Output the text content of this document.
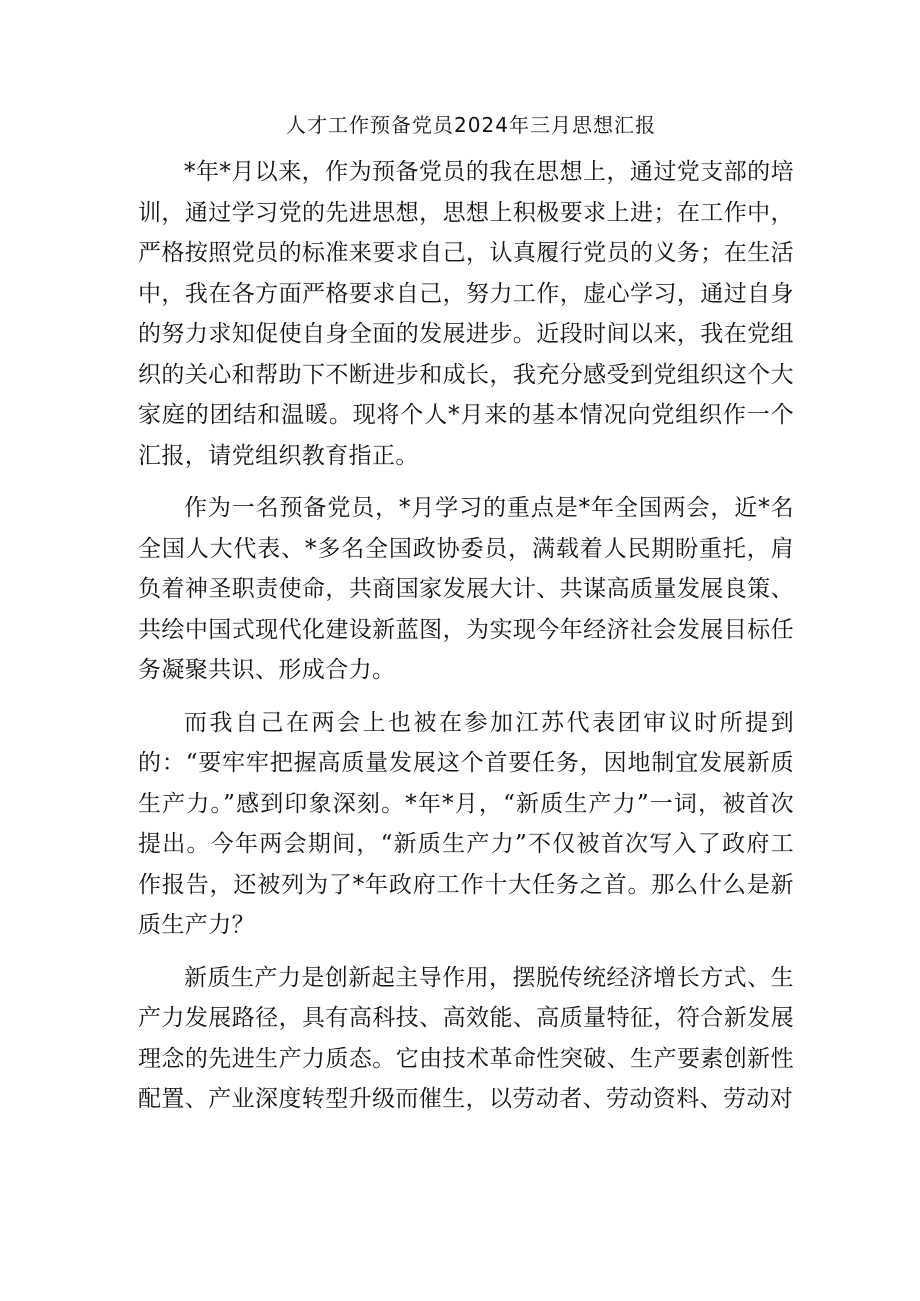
人才工作预备党员2024年三月思想汇报

*年*月以来，作为预备党员的我在思想上，通过党支部的培训，通过学习党的先进思想，思想上积极要求上进；在工作中，严格按照党员的标准来要求自己，认真履行党员的义务；在生活中，我在各方面严格要求自己，努力工作，虚心学习，通过自身的努力求知促使自身全面的发展进步。近段时间以来，我在党组织的关心和帮助下不断进步和成长，我充分感受到党组织这个大家庭的团结和温暖。现将个人*月来的基本情况向党组织作一个汇报，请党组织教育指正。

作为一名预备党员，*月学习的重点是*年全国两会，近*名全国人大代表、*多名全国政协委员，满载着人民期盼重托，肩负着神圣职责使命，共商国家发展大计、共谋高质量发展良策、共绘中国式现代化建设新蓝图，为实现今年经济社会发展目标任务凝聚共识、形成合力。

而我自己在两会上也被在参加江苏代表团审议时所提到的：“要牢牢把握高质量发展这个首要任务，因地制宜发展新质生产力。”感到印象深刻。*年*月，“新质生产力”一词，被首次提出。今年两会期间，“新质生产力”不仅被首次写入了政府工作报告，还被列为了*年政府工作十大任务之首。那么什么是新质生产力？

新质生产力是创新起主导作用，摆脱传统经济增长方式、生产力发展路径，具有高科技、高效能、高质量特征，符合新发展理念的先进生产力质态。它由技术革命性突破、生产要素创新性配置、产业深度转型升级而催生，以劳动者、劳动资料、劳动对
